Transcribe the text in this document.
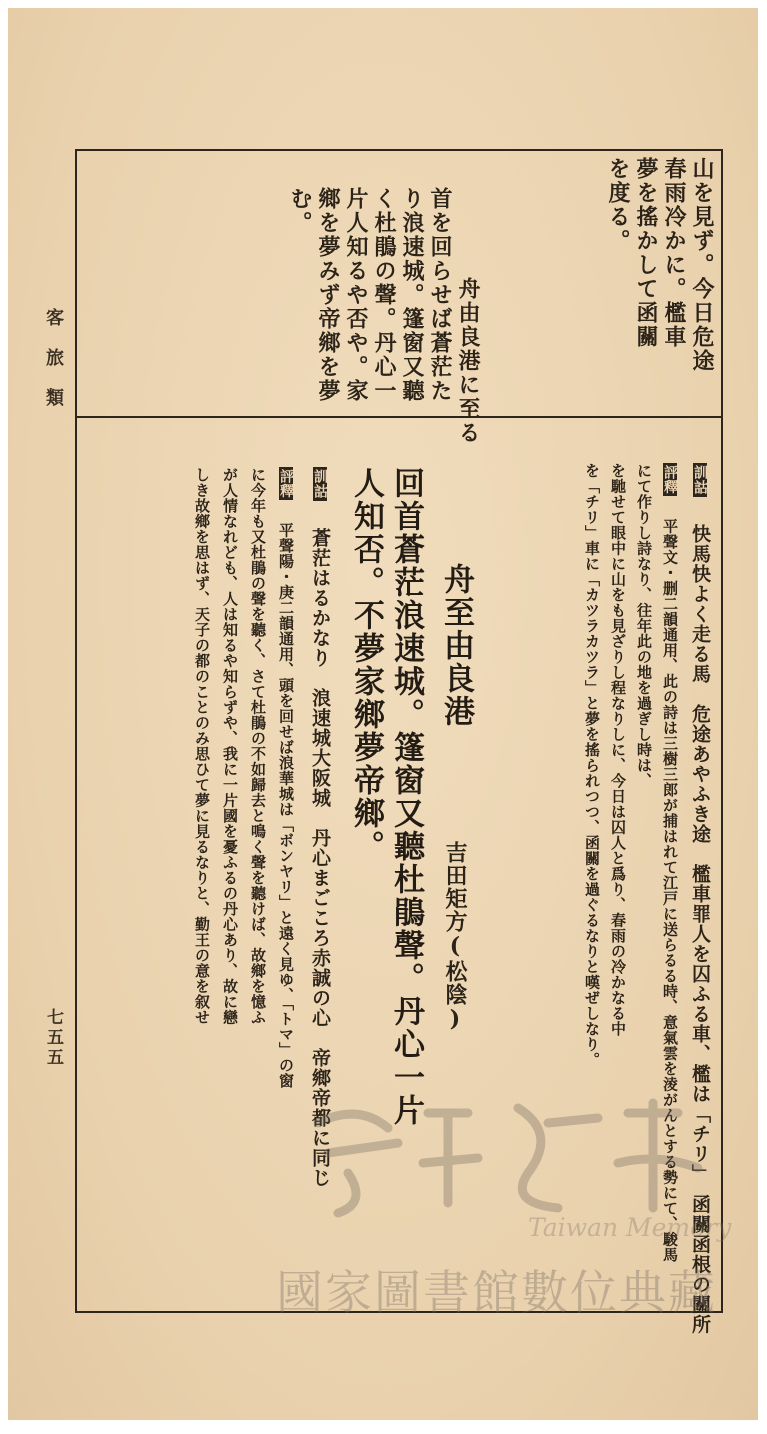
客旅類
七五五
山を見ず。今日危途
春雨冷かに。檻車
夢を搖かして函關
を度る。
舟由良港に至る
首を回らせば蒼茫た
り浪速城。篷窗又聽
く杜鵑の聲。丹心一
片人知るや否や。家
鄉を夢みず帝鄉を夢
む。
訓詁 快馬快よく走る馬　危途あやふき途　檻車罪人を囚ふる車、檻は「チリ」　函關函根の關所
評釋 平聲文・删二韻通用、此の詩は三樹三郎が捕はれて江戸に送らるる時、意氣雲を淩がんとする勢にて、駿馬
にて作りし詩なり、往年此の地を過ぎし時は、
を馳せて眼中に山をも見ざりし程なりしに、今日は囚人と爲り、春雨の冷かなる中
を「チリ」車に「カツラカツラ」と夢を搖られつつ、函關を過ぐるなりと嘆ぜしなり。
舟至由良港
吉田矩方(松陰)
回首蒼茫浪速城。篷窗又聽杜鵑聲。丹心一片
人知否。不夢家鄉夢帝鄉。
訓詁 蒼茫はるかなり　浪速城大阪城　丹心まごころ赤誠の心　帝鄉帝都に同じ
評釋 平聲陽・庚二韻通用、頭を回せば浪華城は「ボンヤリ」と遠く見ゆ、「トマ」の窗
に今年も又杜鵑の聲を聽く、さて杜鵑の不如歸去と鳴く聲を聽けば、故鄉を憶ふ
が人情なれども、人は知るや知らずや、我に一片國を憂ふるの丹心あり、故に戀
しき故鄉を思はず、天子の都のことのみ思ひて夢に見るなりと、勤王の意を叙せ
Taiwan Memory
國家圖書館數位典藏
